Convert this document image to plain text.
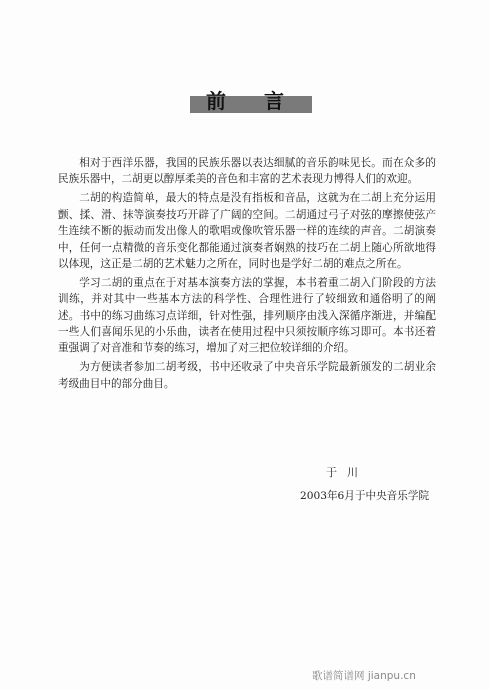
前 言

相对于西洋乐器，我国的民族乐器以表达细腻的音乐韵味见长。而在众多的民族乐器中，二胡更以醇厚柔美的音色和丰富的艺术表现力博得人们的欢迎。

二胡的构造简单，最大的特点是没有指板和音品，这就为在二胡上充分运用颤、揉、滑、抹等演奏技巧开辟了广阔的空间。二胡通过弓子对弦的摩擦使弦产生连续不断的振动而发出像人的歌唱或像吹管乐器一样的连续的声音。二胡演奏中，任何一点精微的音乐变化都能通过演奏者娴熟的技巧在二胡上随心所欲地得以体现，这正是二胡的艺术魅力之所在，同时也是学好二胡的难点之所在。

学习二胡的重点在于对基本演奏方法的掌握，本书着重二胡入门阶段的方法训练，并对其中一些基本方法的科学性、合理性进行了较细致和通俗明了的阐述。书中的练习曲练习点详细，针对性强，排列顺序由浅入深循序渐进，并编配一些人们喜闻乐见的小乐曲，读者在使用过程中只须按顺序练习即可。本书还着重强调了对音准和节奏的练习，增加了对三把位较详细的介绍。

为方便读者参加二胡考级，书中还收录了中央音乐学院最新颁发的二胡业余考级曲目中的部分曲目。

于川
2003年6月于中央音乐学院
歌谱简谱网 jianpu.cn
